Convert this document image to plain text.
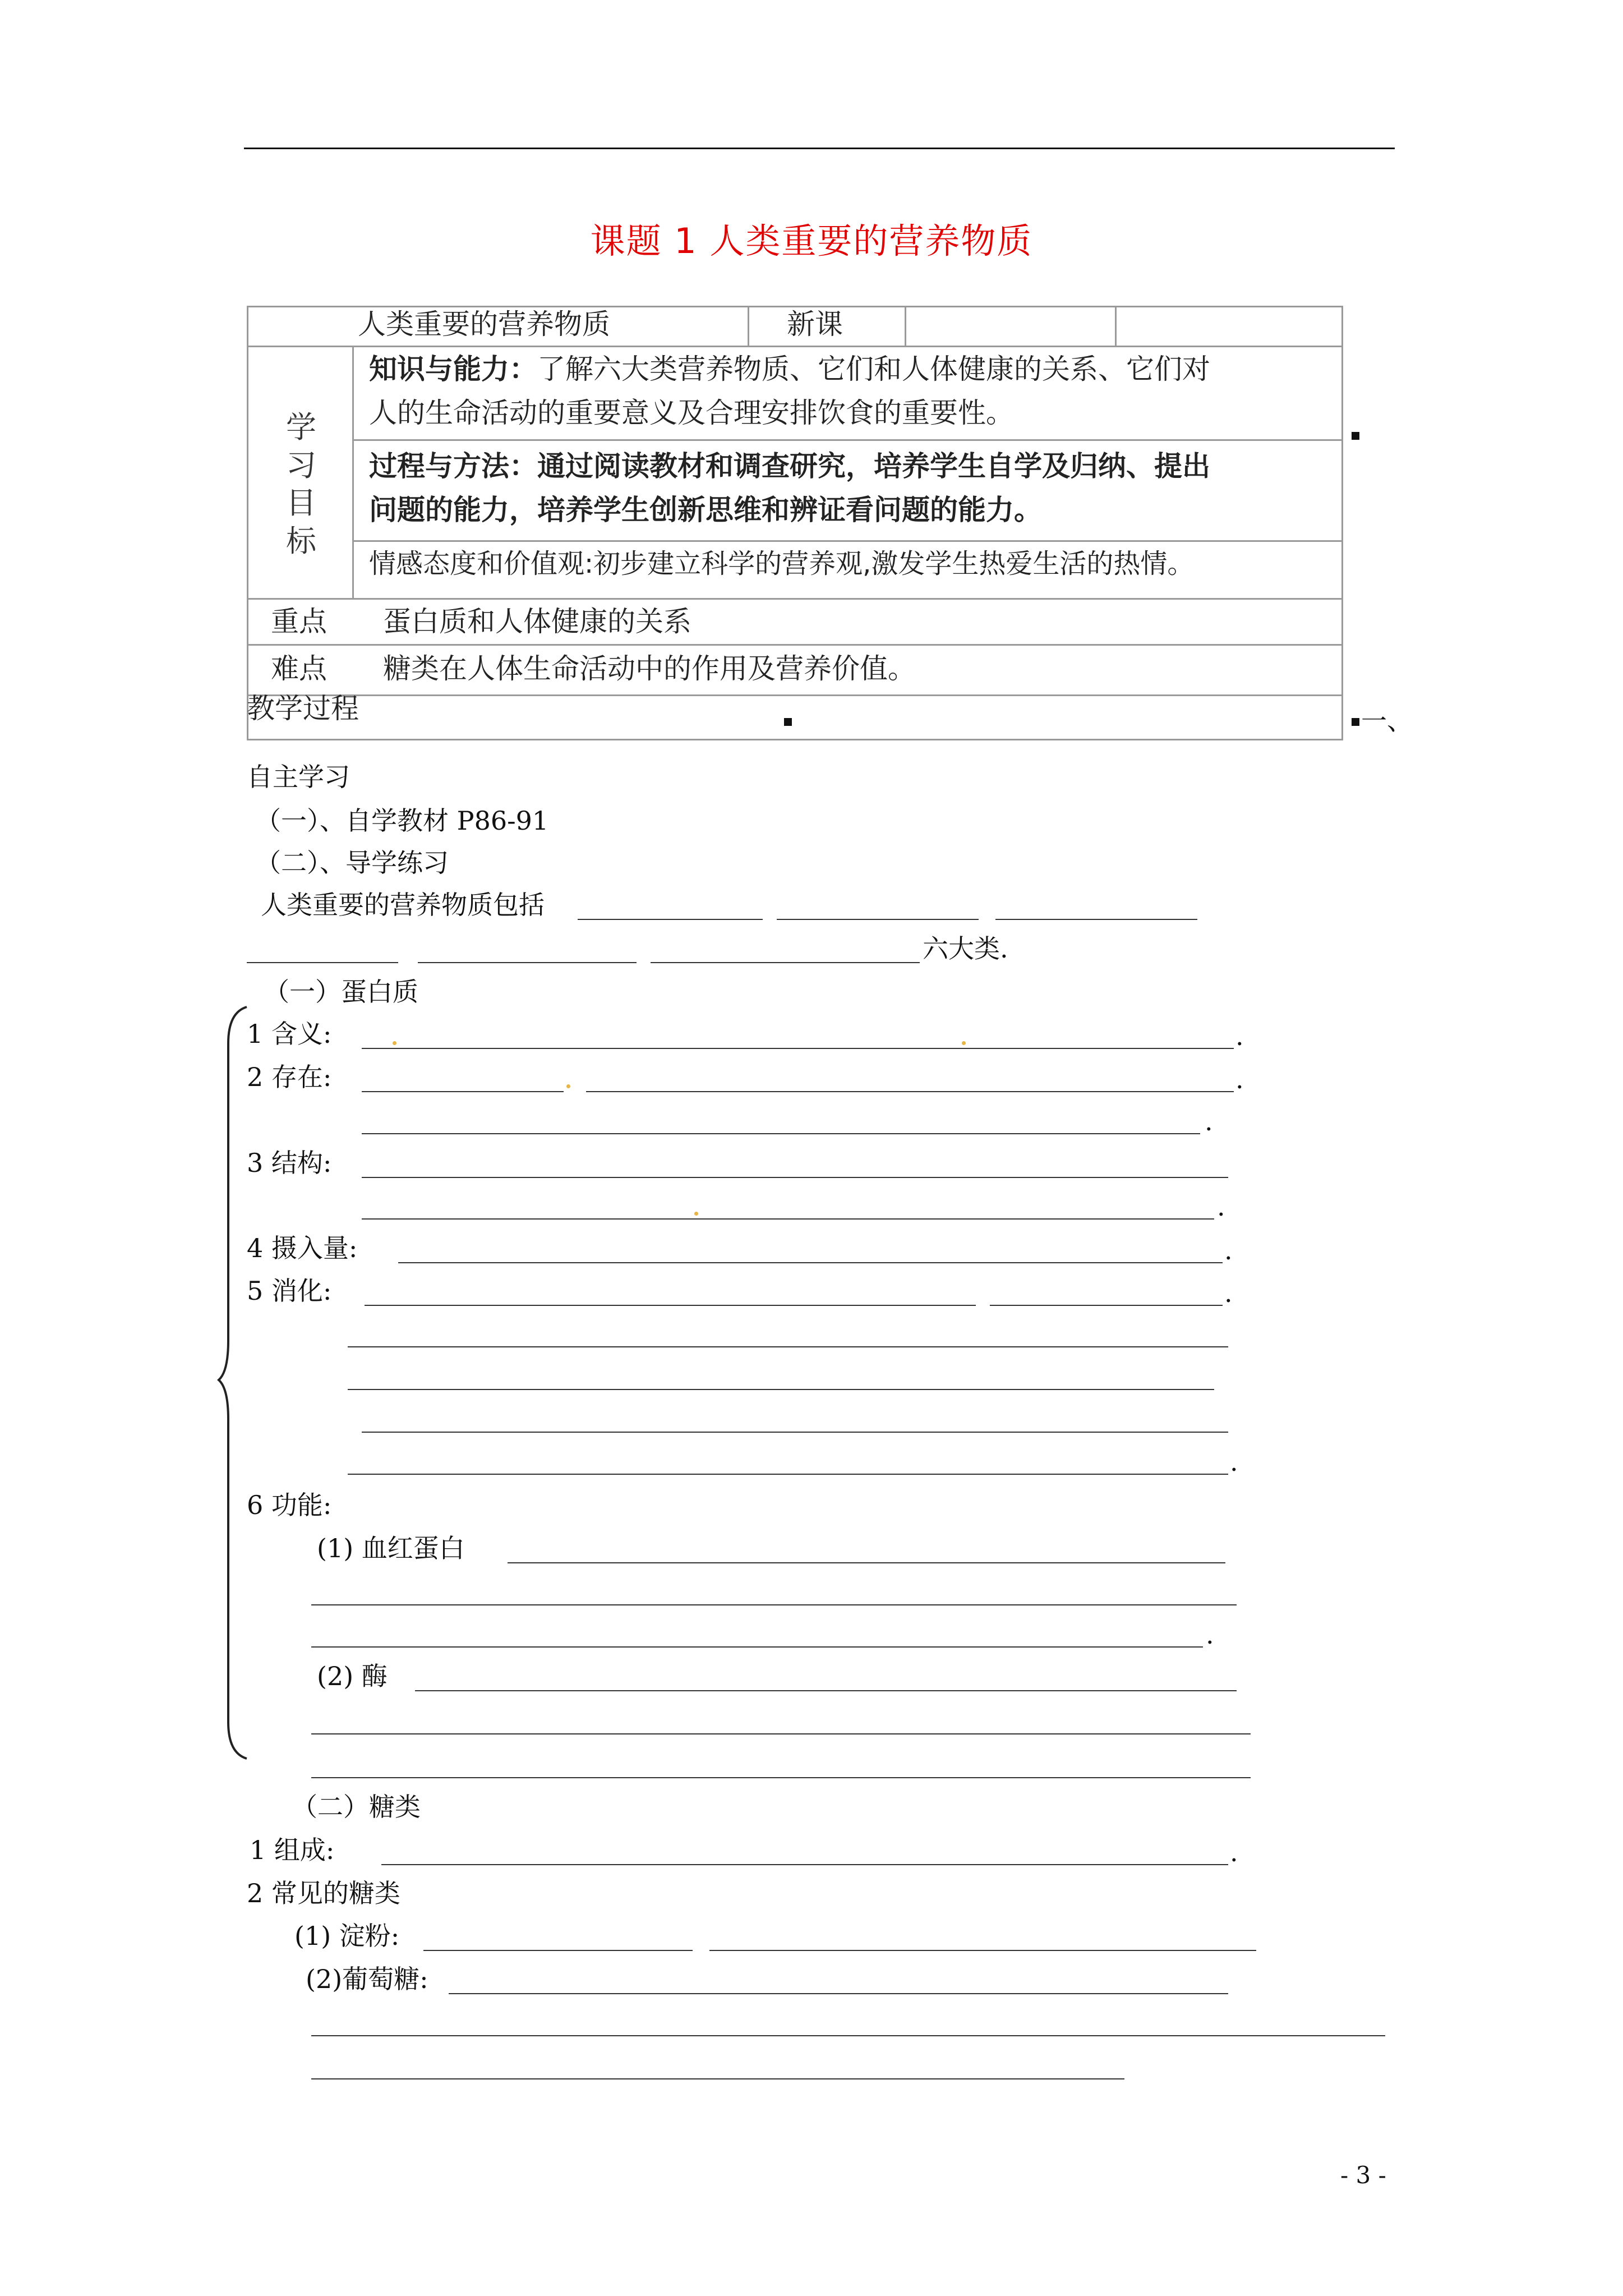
课题 1 人类重要的营养物质
人类重要的营养物质	新课
学习目标
知识与能力：了解六大类营养物质、它们和人体健康的关系、它们对
人的生命活动的重要意义及合理安排饮食的重要性。
过程与方法：通过阅读教材和调查研究，培养学生自学及归纳、提出
问题的能力，培养学生创新思维和辨证看问题的能力。
情感态度和价值观:初步建立科学的营养观,激发学生热爱生活的热情。
重点 蛋白质和人体健康的关系
难点 糖类在人体生命活动中的作用及营养价值。
教学过程	一、
自主学习
（一）、自学教材 P86-91
（二）、导学练习
人类重要的营养物质包括
六大类.
（一）蛋白质
1 含义:	.
2 存在:	.
.
3 结构:
.
4 摄入量:	.
5 消化:	.
.
6 功能:
(1) 血红蛋白
.
(2) 酶
（二）糖类
1 组成:	.
2 常见的糖类
(1) 淀粉:
(2)葡萄糖:
- 3 -
